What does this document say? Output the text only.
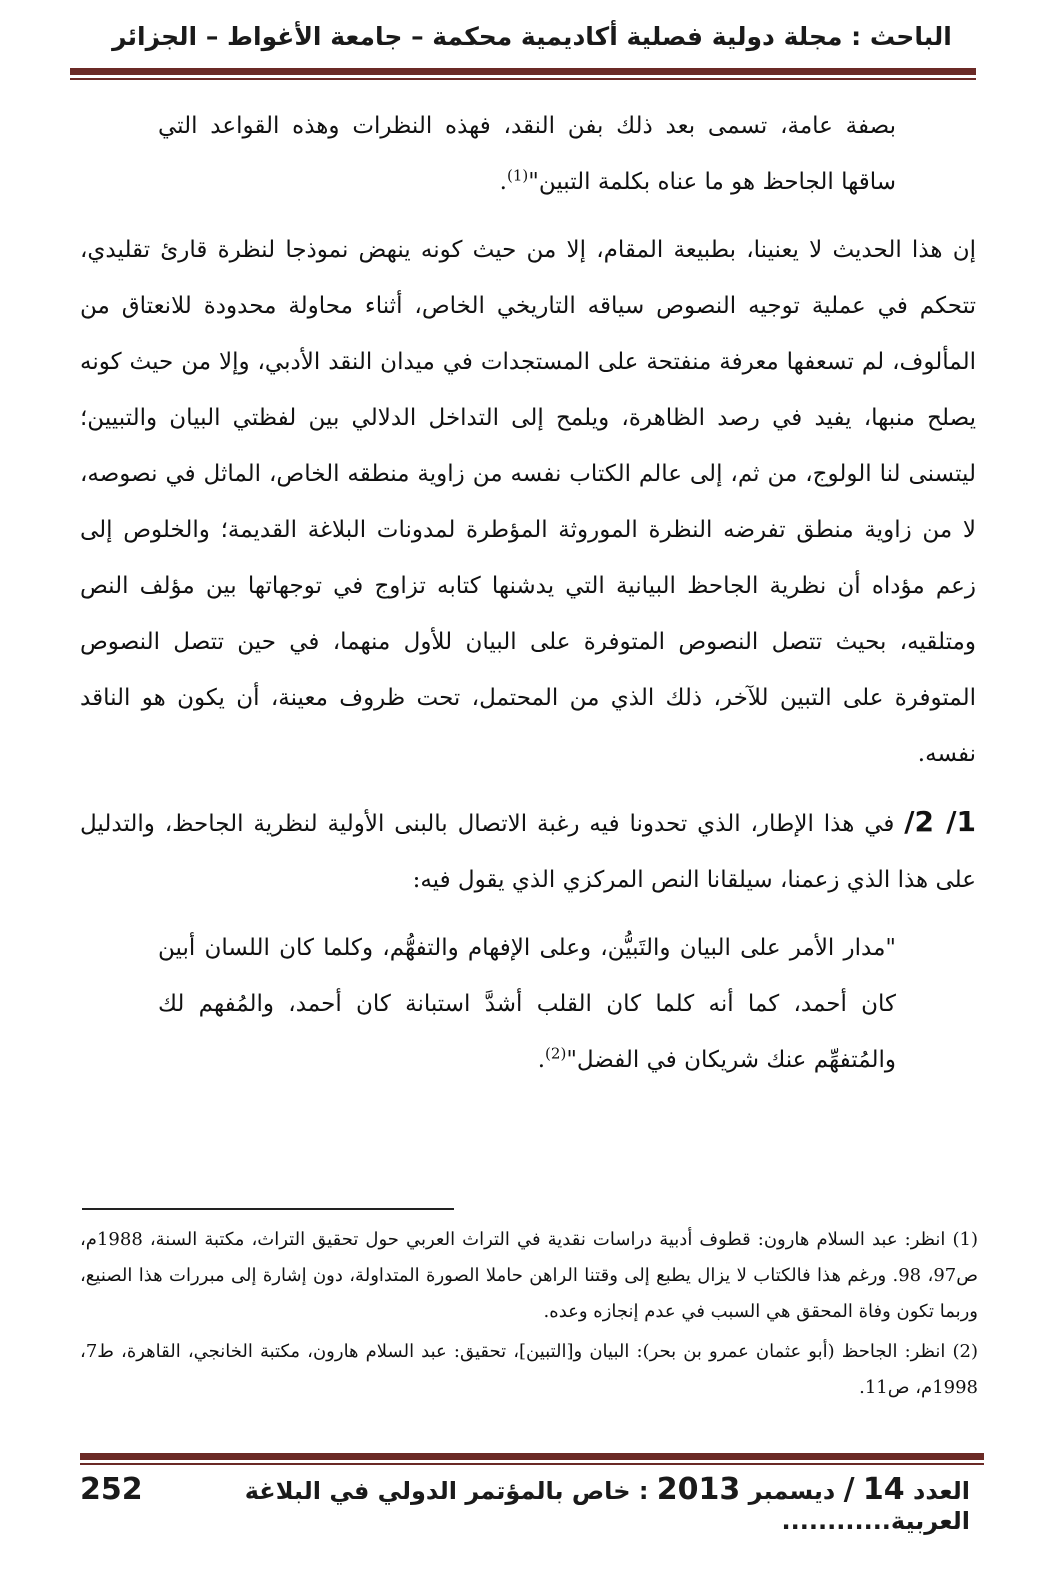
الباحث : مجلة دولية فصلية أكاديمية محكمة – جامعة الأغواط – الجزائر

بصفة عامة، تسمى بعد ذلك بفن النقد، فهذه النظرات وهذه القواعد التي ساقها الجاحظ هو ما عناه بكلمة التبين"$^{(1)}$.

إن هذا الحديث لا يعنينا، بطبيعة المقام، إلا من حيث كونه ينهض نموذجا لنظرة قارئ تقليدي، تتحكم في عملية توجيه النصوص سياقه التاريخي الخاص، أثناء محاولة محدودة للانعتاق من المألوف، لم تسعفها معرفة منفتحة على المستجدات في ميدان النقد الأدبي، وإلا من حيث كونه يصلح منبها، يفيد في رصد الظاهرة، ويلمح إلى التداخل الدلالي بين لفظتي البيان والتبيين؛ ليتسنى لنا الولوج، من ثم، إلى عالم الكتاب نفسه من زاوية منطقه الخاص، الماثل في نصوصه، لا من زاوية منطق تفرضه النظرة الموروثة المؤطرة لمدونات البلاغة القديمة؛ والخلوص إلى زعم مؤداه أن نظرية الجاحظ البيانية التي يدشنها كتابه تزاوج في توجهاتها بين مؤلف النص ومتلقيه، بحيث تتصل النصوص المتوفرة على البيان للأول منهما، في حين تتصل النصوص المتوفرة على التبين للآخر، ذلك الذي من المحتمل، تحت ظروف معينة، أن يكون هو الناقد نفسه.

1/ 2/ في هذا الإطار، الذي تحدونا فيه رغبة الاتصال بالبنى الأولية لنظرية الجاحظ، والتدليل على هذا الذي زعمنا، سيلقانا النص المركزي الذي يقول فيه:

"مدار الأمر على البيان والتَبيُّن، وعلى الإفهام والتفهُّم، وكلما كان اللسان أبين كان أحمد، كما أنه كلما كان القلب أشدَّ استبانة كان أحمد، والمُفهم لك والمُتفهِّم عنك شريكان في الفضل"$^{(2)}$.

(1) انظر: عبد السلام هارون: قطوف أدبية دراسات نقدية في التراث العربي حول تحقيق التراث، مكتبة السنة، 1988م، ص97، 98. ورغم هذا فالكتاب لا يزال يطبع إلى وقتنا الراهن حاملا الصورة المتداولة، دون إشارة إلى مبررات هذا الصنيع، وربما تكون وفاة المحقق هي السبب في عدم إنجازه وعده.

(2) انظر: الجاحظ (أبو عثمان عمرو بن بحر): البيان و[التبين]، تحقيق: عبد السلام هارون، مكتبة الخانجي، القاهرة، ط7، 1998م، ص11.

العدد 14 / ديسمبر 2013 : خاص بالمؤتمر الدولي في البلاغة العربية............
252
